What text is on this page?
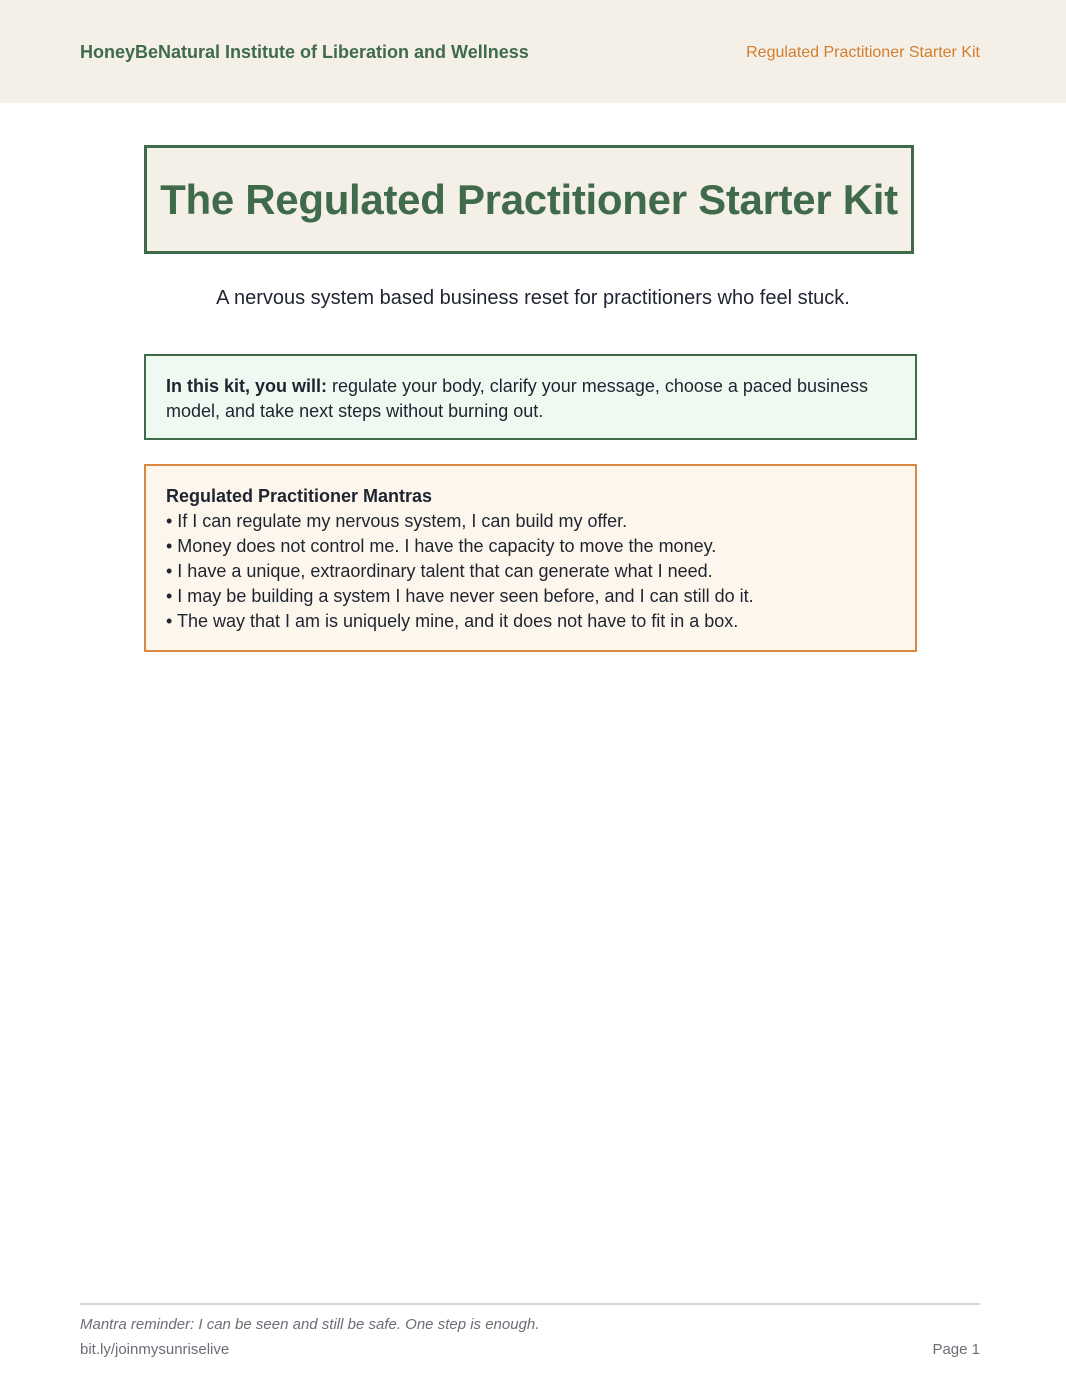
HoneyBeNatural Institute of Liberation and Wellness	Regulated Practitioner Starter Kit
The Regulated Practitioner Starter Kit
A nervous system based business reset for practitioners who feel stuck.
In this kit, you will: regulate your body, clarify your message, choose a paced business model, and take next steps without burning out.
Regulated Practitioner Mantras
• If I can regulate my nervous system, I can build my offer.
• Money does not control me. I have the capacity to move the money.
• I have a unique, extraordinary talent that can generate what I need.
• I may be building a system I have never seen before, and I can still do it.
• The way that I am is uniquely mine, and it does not have to fit in a box.
Mantra reminder: I can be seen and still be safe. One step is enough.
bit.ly/joinmysunriselive	Page 1
